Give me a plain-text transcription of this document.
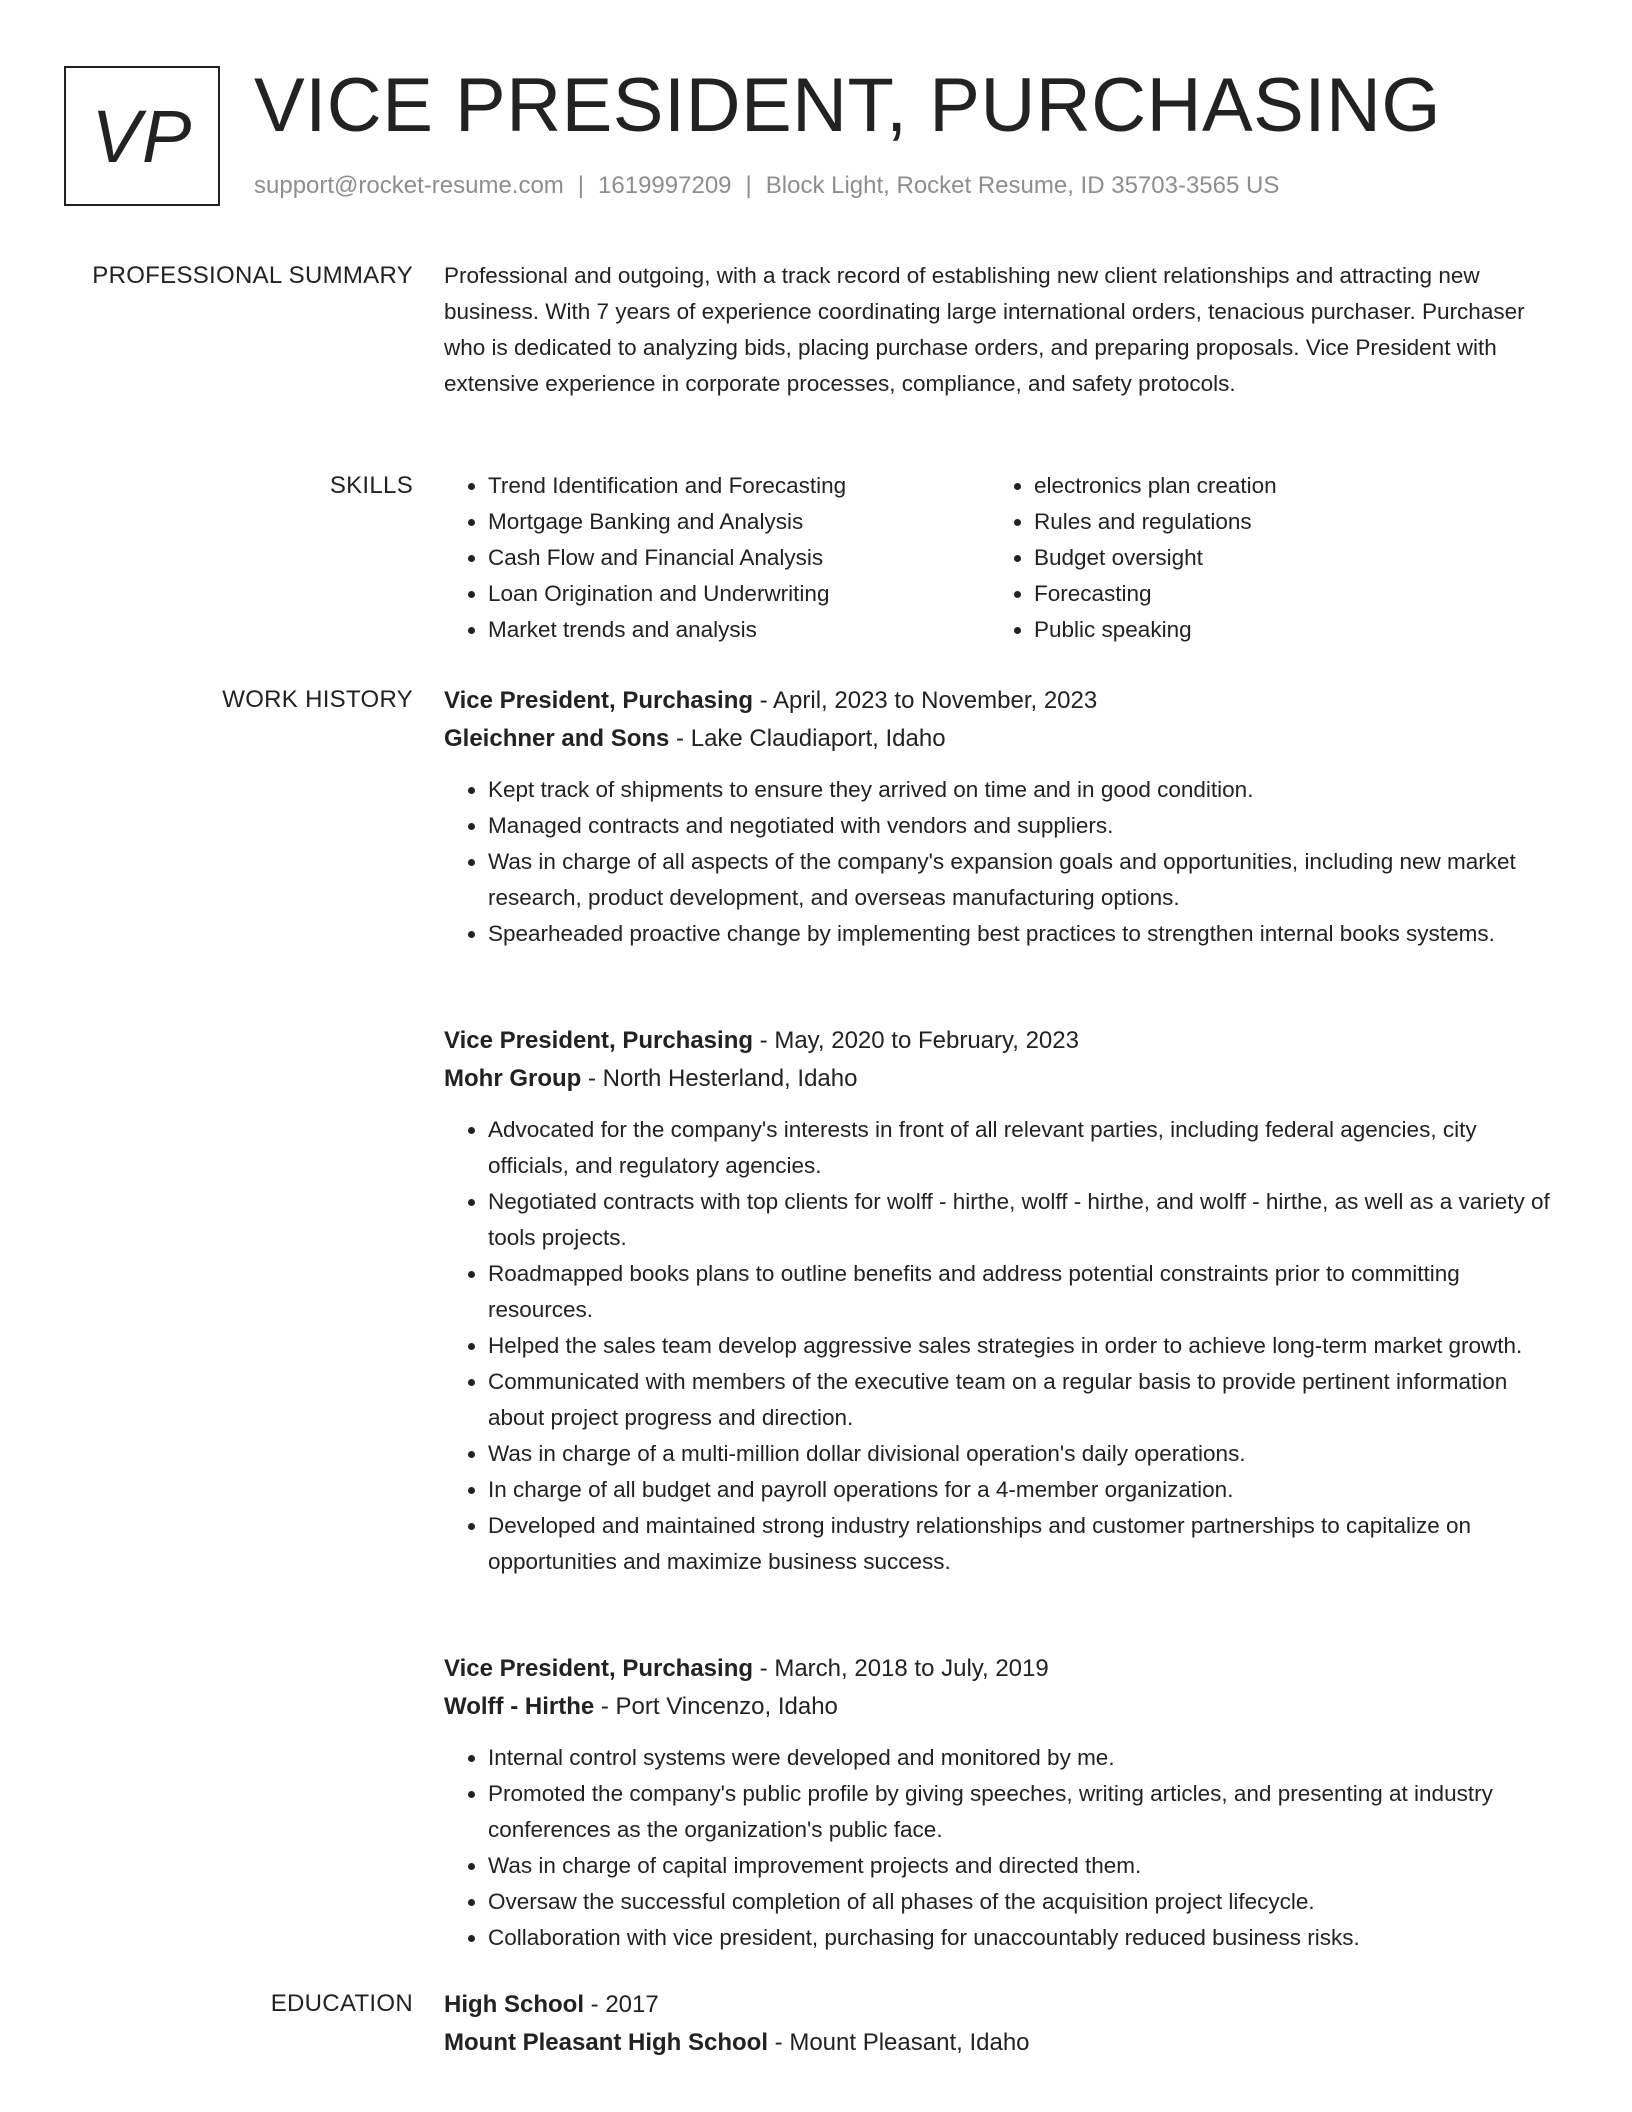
VP VICE PRESIDENT, PURCHASING
support@rocket-resume.com | 1619997209 | Block Light, Rocket Resume, ID 35703-3565 US
PROFESSIONAL SUMMARY Professional and outgoing, with a track record of establishing new client relationships and attracting new business. With 7 years of experience coordinating large international orders, tenacious purchaser. Purchaser who is dedicated to analyzing bids, placing purchase orders, and preparing proposals. Vice President with extensive experience in corporate processes, compliance, and safety protocols.

SKILLS
•	Trend Identification and Forecasting
• Mortgage Banking and Analysis
• Cash Flow and Financial Analysis
• Loan Origination and Underwriting
• Market trends and analysis
• electronics plan creation
• Rules and regulations
• Budget oversight
• Forecasting
• Public speaking
WORK HISTORY Vice President, Purchasing - April, 2023 to November, 2023
Gleichner and Sons - Lake Claudiaport, Idaho
• Kept track of shipments to ensure they arrived on time and in good condition.
• Managed contracts and negotiated with vendors and suppliers.
• Was in charge of all aspects of the company's expansion goals and opportunities, including new market research, product development, and overseas manufacturing options.
• Spearheaded proactive change by implementing best practices to strengthen internal books systems.
Vice President, Purchasing - May, 2020 to February, 2023
Mohr Group - North Hesterland, Idaho
• Advocated for the company's interests in front of all relevant parties, including federal agencies, city officials, and regulatory agencies.
• Negotiated contracts with top clients for wolff - hirthe, wolff - hirthe, and wolff - hirthe, as well as a variety of tools projects.
• Roadmapped books plans to outline benefits and address potential constraints prior to committing resources.
• Helped the sales team develop aggressive sales strategies in order to achieve long-term market growth.
• Communicated with members of the executive team on a regular basis to provide pertinent information about project progress and direction.
• Was in charge of a multi-million dollar divisional operation's daily operations.
• In charge of all budget and payroll operations for a 4-member organization.
• Developed and maintained strong industry relationships and customer partnerships to capitalize on opportunities and maximize business success.
Vice President, Purchasing - March, 2018 to July, 2019
Wolff - Hirthe - Port Vincenzo, Idaho
• Internal control systems were developed and monitored by me.
• Promoted the company's public profile by giving speeches, writing articles, and presenting at industry conferences as the organization's public face.
• Was in charge of capital improvement projects and directed them.
• Oversaw the successful completion of all phases of the acquisition project lifecycle.
• Collaboration with vice president, purchasing for unaccountably reduced business risks.
EDUCATION High School - 2017
Mount Pleasant High School - Mount Pleasant, Idaho
